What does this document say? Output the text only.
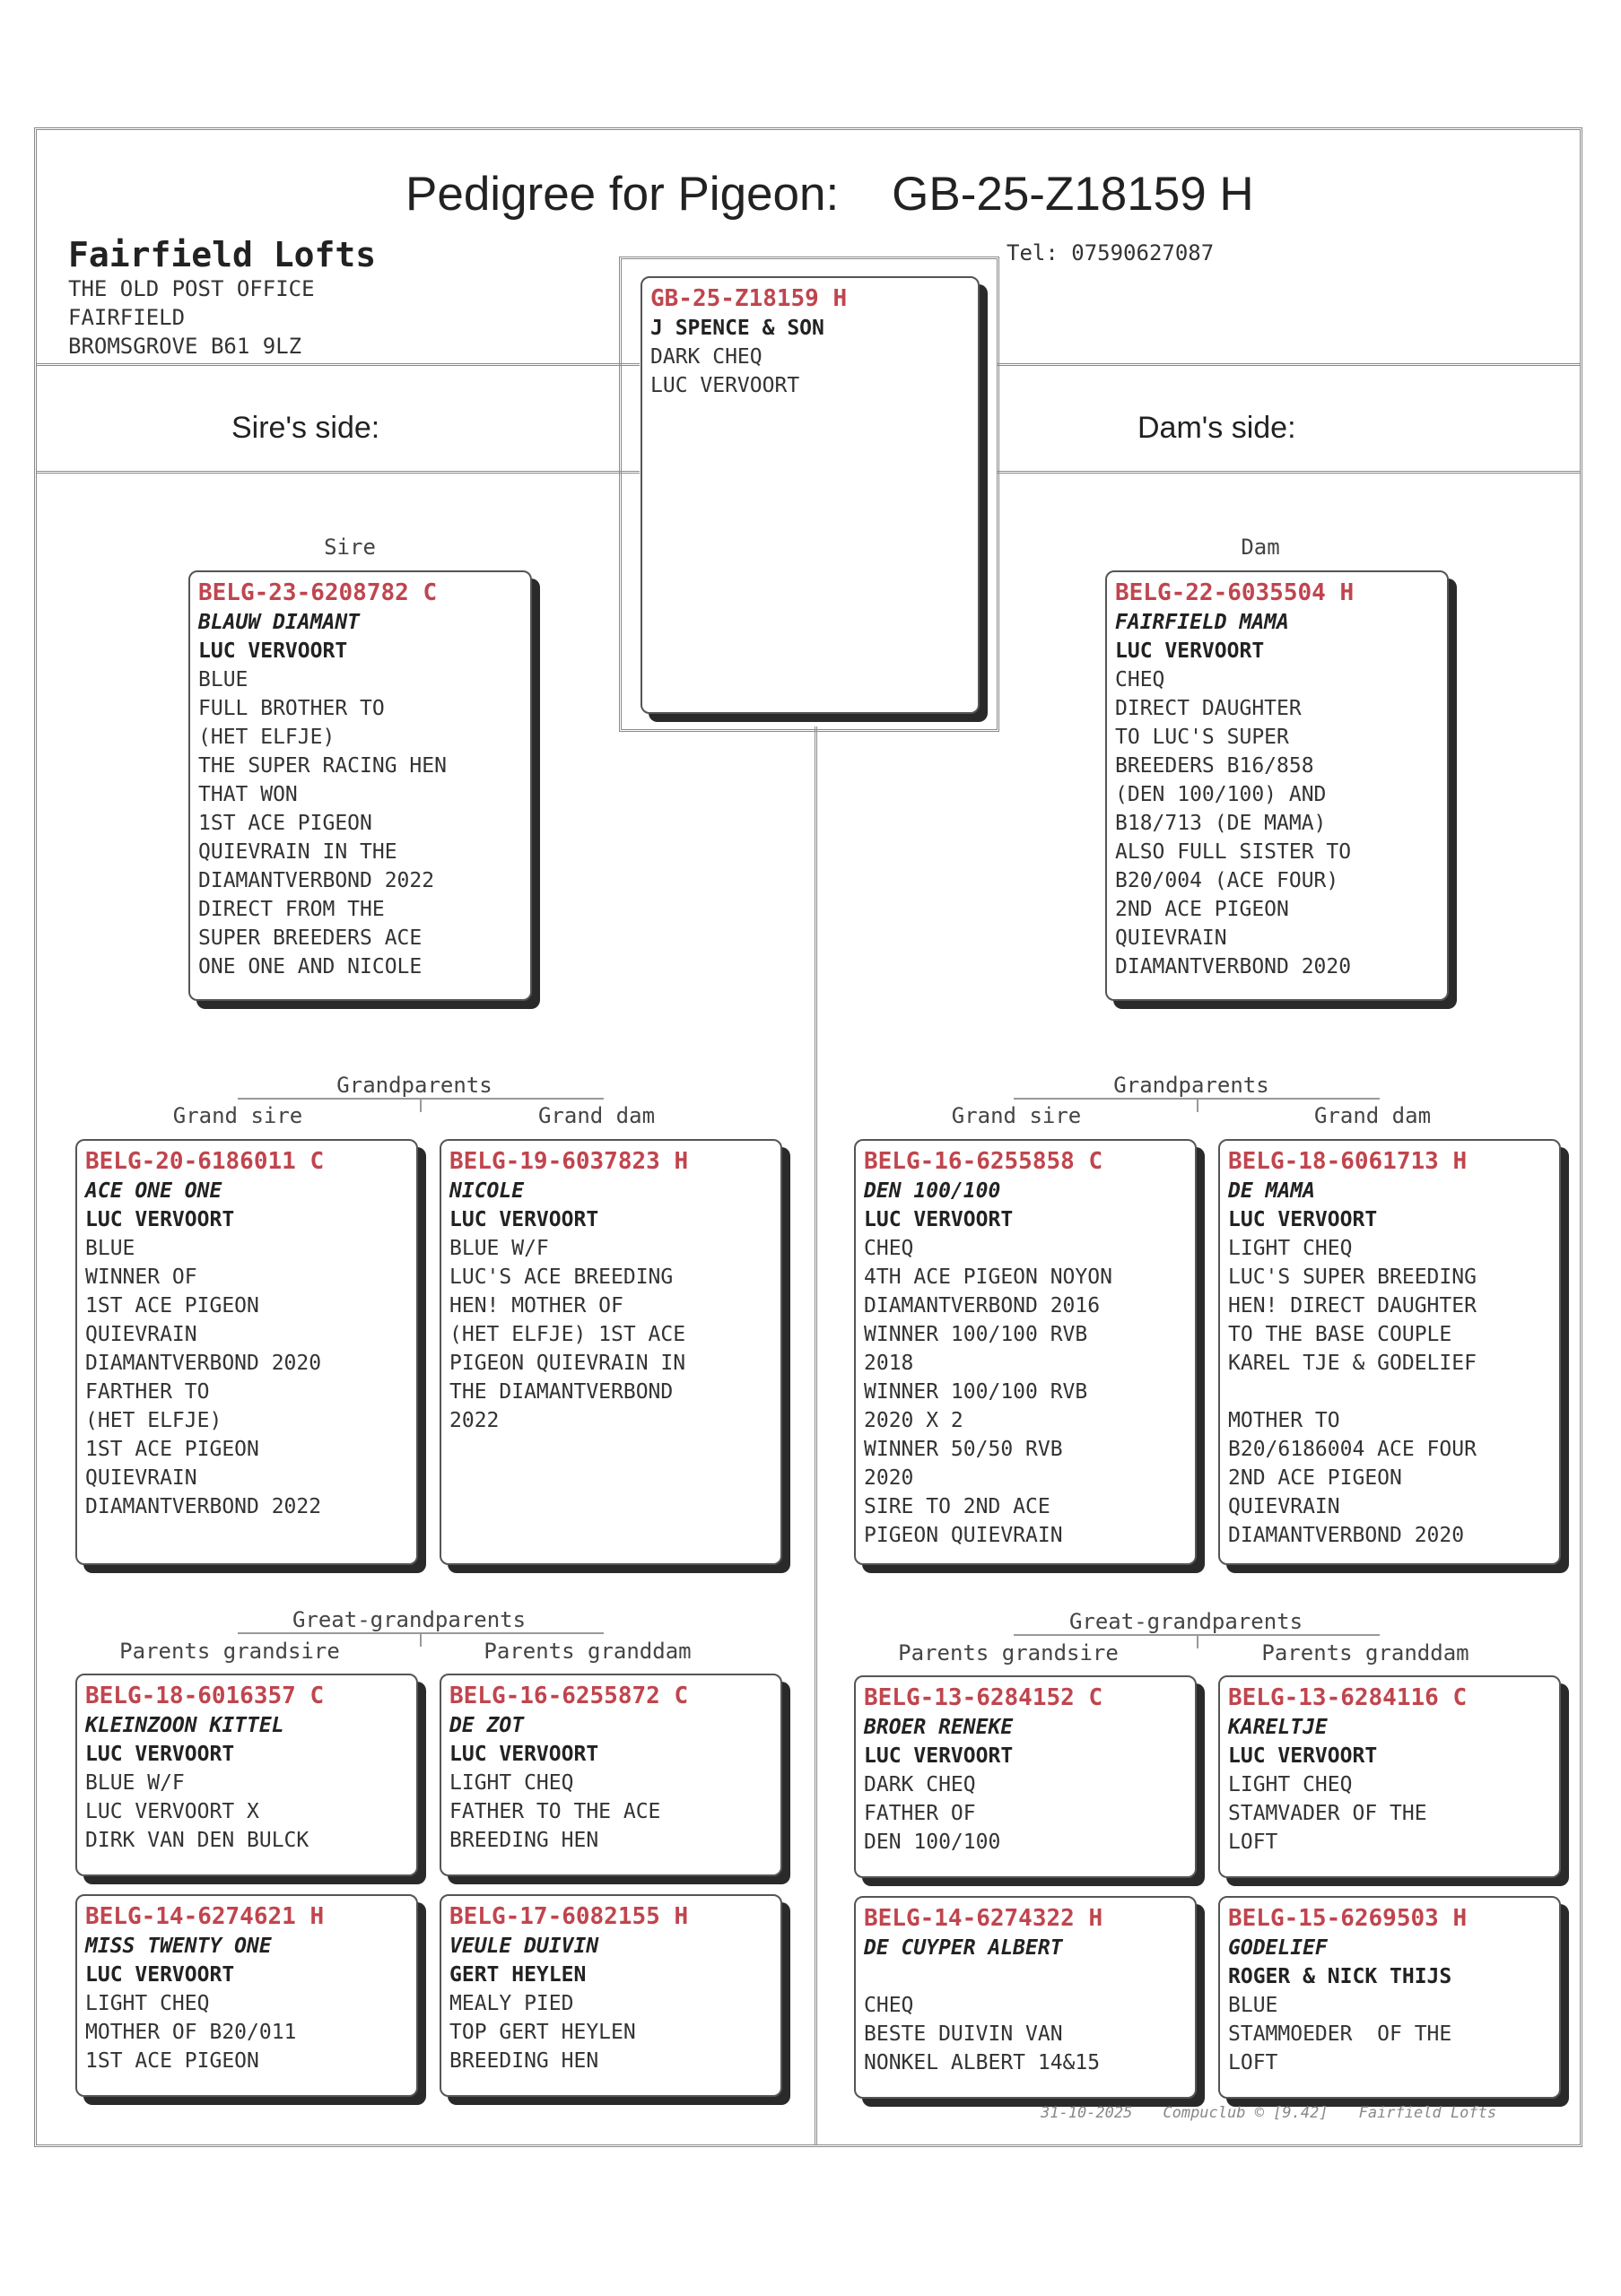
Pedigree for Pigeon: GB-25-Z18159 H
Fairfield Lofts
THE OLD POST OFFICE
FAIRFIELD
BROMSGROVE B61 9LZ
Tel: 07590627087
Sire's side:	Dam's side:
GB-25-Z18159 H
J SPENCE & SON
DARK CHEQ
LUC VERVOORT
Sire	Dam
BELG-23-6208782 C
BLAUW DIAMANT
LUC VERVOORT
BLUE
FULL BROTHER TO
(HET ELFJE)
THE SUPER RACING HEN
THAT WON
1ST ACE PIGEON
QUIEVRAIN IN THE
DIAMANTVERBOND 2022
DIRECT FROM THE
SUPER BREEDERS ACE
ONE ONE AND NICOLE
BELG-22-6035504 H
FAIRFIELD MAMA
LUC VERVOORT
CHEQ
DIRECT DAUGHTER
TO LUC'S SUPER
BREEDERS B16/858
(DEN 100/100) AND
B18/713 (DE MAMA)
ALSO FULL SISTER TO
B20/004 (ACE FOUR)
2ND ACE PIGEON
QUIEVRAIN
DIAMANTVERBOND 2020
Grandparents
Grand sire	Grand dam
Grandparents
Grand sire	Grand dam
BELG-20-6186011 C
ACE ONE ONE
LUC VERVOORT
BLUE
WINNER OF
1ST ACE PIGEON
QUIEVRAIN
DIAMANTVERBOND 2020
FARTHER TO
(HET ELFJE)
1ST ACE PIGEON
QUIEVRAIN
DIAMANTVERBOND 2022
BELG-19-6037823 H
NICOLE
LUC VERVOORT
BLUE W/F
LUC'S ACE BREEDING
HEN! MOTHER OF
(HET ELFJE) 1ST ACE
PIGEON QUIEVRAIN IN
THE DIAMANTVERBOND
2022
BELG-16-6255858 C
DEN 100/100
LUC VERVOORT
CHEQ
4TH ACE PIGEON NOYON
DIAMANTVERBOND 2016
WINNER 100/100 RVB
2018
WINNER 100/100 RVB
2020 X 2
WINNER 50/50 RVB
2020
SIRE TO 2ND ACE
PIGEON QUIEVRAIN
BELG-18-6061713 H
DE MAMA
LUC VERVOORT
LIGHT CHEQ
LUC'S SUPER BREEDING
HEN! DIRECT DAUGHTER
TO THE BASE COUPLE
KAREL TJE & GODELIEF
MOTHER TO
B20/6186004 ACE FOUR
2ND ACE PIGEON
QUIEVRAIN
DIAMANTVERBOND 2020
Great-grandparents
Parents grandsire	Parents granddam
Great-grandparents
Parents grandsire	Parents granddam
BELG-18-6016357 C
KLEINZOON KITTEL
LUC VERVOORT
BLUE W/F
LUC VERVOORT X
DIRK VAN DEN BULCK
BELG-16-6255872 C
DE ZOT
LUC VERVOORT
LIGHT CHEQ
FATHER TO THE ACE
BREEDING HEN
BELG-13-6284152 C
BROER RENEKE
LUC VERVOORT
DARK CHEQ
FATHER OF
DEN 100/100
BELG-13-6284116 C
KARELTJE
LUC VERVOORT
LIGHT CHEQ
STAMVADER OF THE
LOFT
BELG-14-6274621 H
MISS TWENTY ONE
LUC VERVOORT
LIGHT CHEQ
MOTHER OF B20/011
1ST ACE PIGEON
BELG-17-6082155 H
VEULE DUIVIN
GERT HEYLEN
MEALY PIED
TOP GERT HEYLEN
BREEDING HEN
BELG-14-6274322 H
DE CUYPER ALBERT
CHEQ
BESTE DUIVIN VAN
NONKEL ALBERT 14&15
BELG-15-6269503 H
GODELIEF
ROGER & NICK THIJS
BLUE
STAMMOEDER  OF THE
LOFT
31-10-2025 Compuclub © [9.42] Fairfield Lofts
